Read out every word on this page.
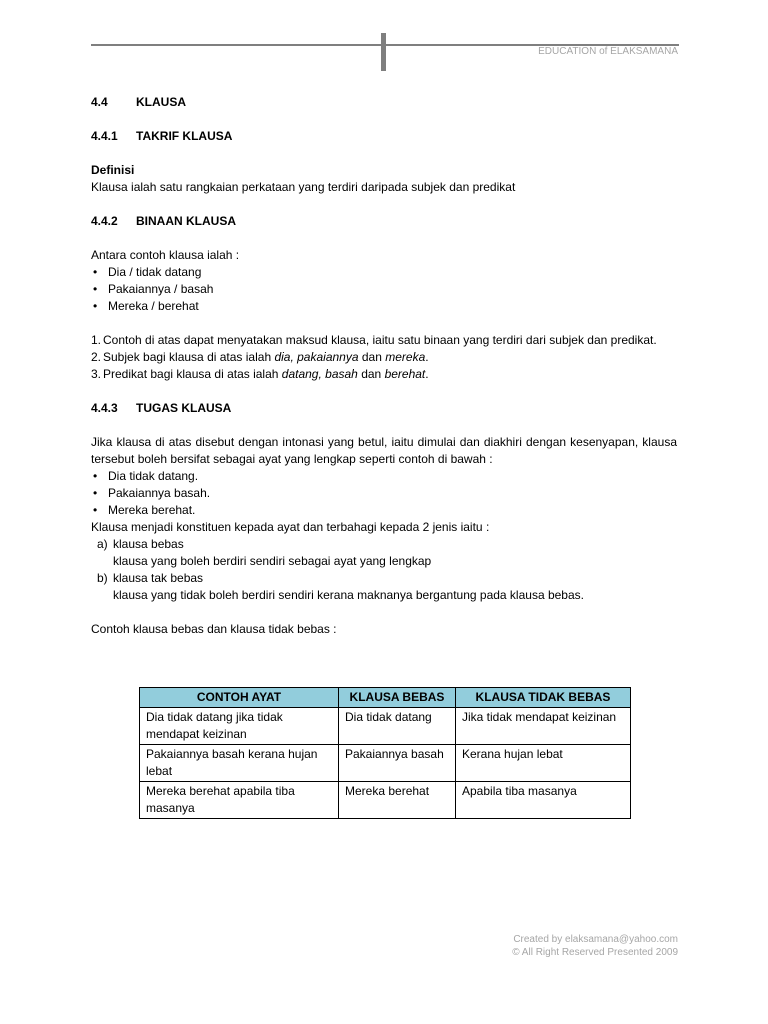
EDUCATION of ELAKSAMANA

4.4 KLAUSA

4.4.1 TAKRIF KLAUSA

Definisi

Klausa ialah satu rangkaian perkataan yang terdiri daripada subjek dan predikat

4.4.2 BINAAN KLAUSA

Antara contoh klausa ialah :

• Dia / tidak datang
• Pakaiannya / basah
• Mereka / berehat
1. Contoh di atas dapat menyatakan maksud klausa, iaitu satu binaan yang terdiri dari subjek dan predikat.
2. Subjek bagi klausa di atas ialah dia, pakaiannya dan mereka.
3. Predikat bagi klausa di atas ialah datang, basah dan berehat.

4.4.3 TUGAS KLAUSA

Jika klausa di atas disebut dengan intonasi yang betul, iaitu dimulai dan diakhiri dengan kesenyapan, klausa tersebut boleh bersifat sebagai ayat yang lengkap seperti contoh di bawah :

• Dia tidak datang.
• Pakaiannya basah.
• Mereka berehat.

Klausa menjadi konstituen kepada ayat dan terbahagi kepada 2 jenis iaitu :

a) klausa bebas
klausa yang boleh berdiri sendiri sebagai ayat yang lengkap
b) klausa tak bebas
klausa yang tidak boleh berdiri sendiri kerana maknanya bergantung pada klausa bebas.

Contoh klausa bebas dan klausa tidak bebas :

CONTOH AYAT	KLAUSA BEBAS	KLAUSA TIDAK BEBAS
Dia tidak datang jika tidak mendapat keizinan	Dia tidak datang	Jika tidak mendapat keizinan
Pakaiannya basah kerana hujan lebat	Pakaiannya basah	Kerana hujan lebat
Mereka berehat apabila tiba masanya	Mereka berehat	Apabila tiba masanya
Created by elaksamana@yahoo.com
© All Right Reserved Presented 2009
